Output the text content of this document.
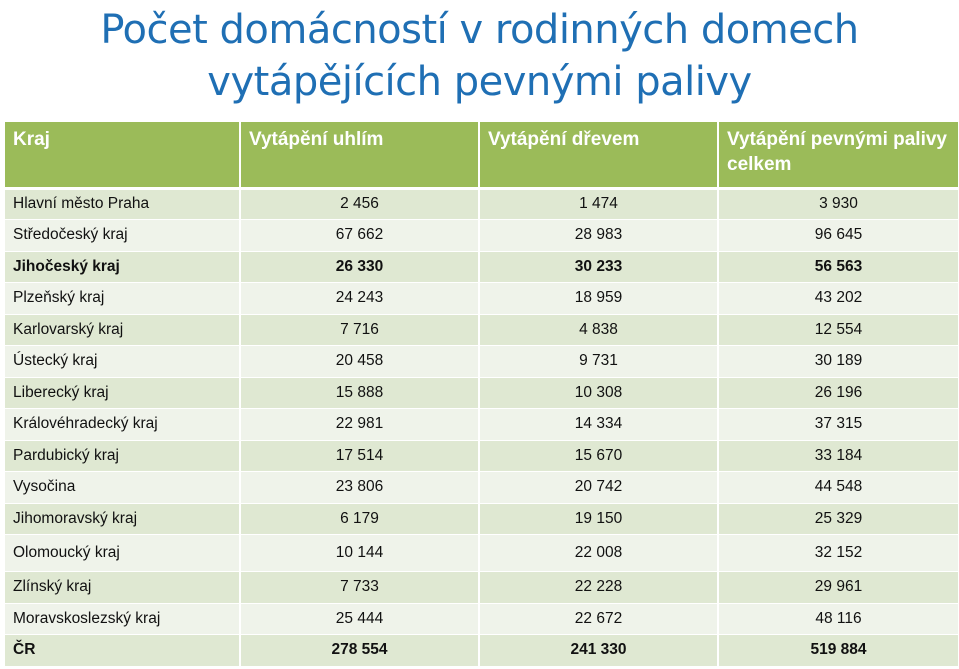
Počet domácností v rodinných domech
vytápějících pevnými palivy
Kraj	Vytápění uhlím	Vytápění dřevem	Vytápění pevnými palivy celkem
Hlavní město Praha	2 456	1 474	3 930
Středočeský kraj	67 662	28 983	96 645
Jihočeský kraj	26 330	30 233	56 563
Plzeňský kraj	24 243	18 959	43 202
Karlovarský kraj	7 716	4 838	12 554
Ústecký kraj	20 458	9 731	30 189
Liberecký kraj	15 888	10 308	26 196
Královéhradecký kraj	22 981	14 334	37 315
Pardubický kraj	17 514	15 670	33 184
Vysočina	23 806	20 742	44 548
Jihomoravský kraj	6 179	19 150	25 329
Olomoucký kraj	10 144	22 008	32 152
Zlínský kraj	7 733	22 228	29 961
Moravskoslezský kraj	25 444	22 672	48 116
ČR	278 554	241 330	519 884
